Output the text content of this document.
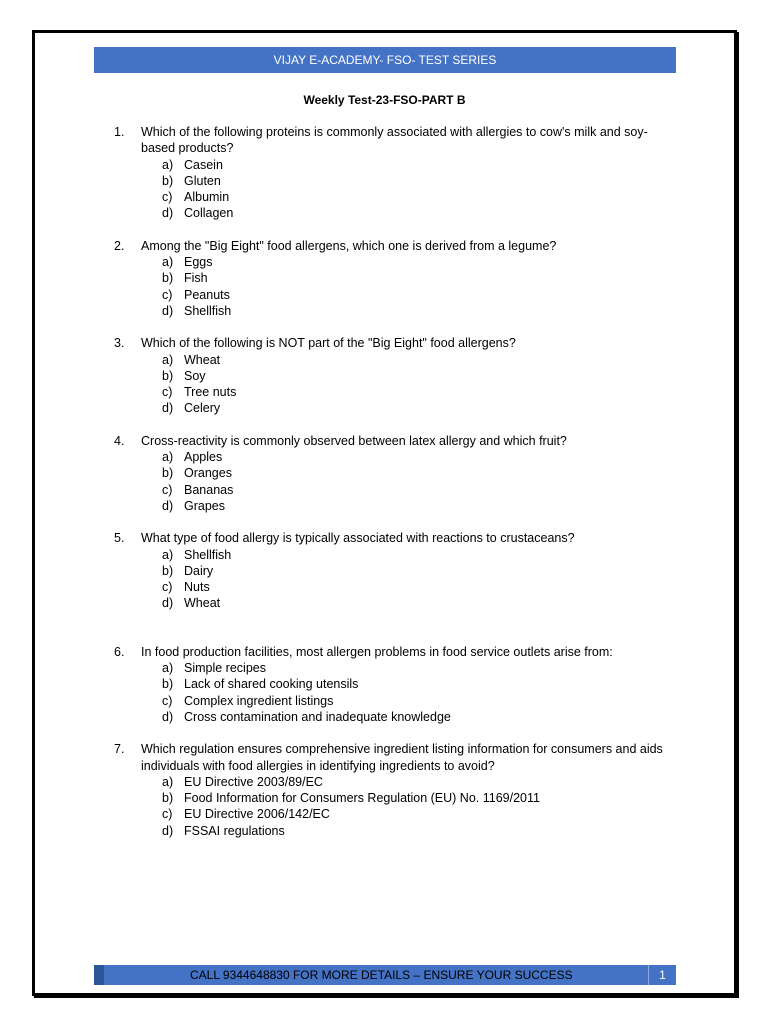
VIJAY E-ACADEMY- FSO- TEST SERIES
Weekly Test-23-FSO-PART B
1.	Which of the following proteins is commonly associated with allergies to cow's milk and soy-based products?
a) Casein
b) Gluten
c) Albumin
d) Collagen
2.	Among the "Big Eight" food allergens, which one is derived from a legume?
a) Eggs
b) Fish
c) Peanuts
d) Shellfish
3.	Which of the following is NOT part of the "Big Eight" food allergens?
a) Wheat
b) Soy
c) Tree nuts
d) Celery
4.	Cross-reactivity is commonly observed between latex allergy and which fruit?
a) Apples
b) Oranges
c) Bananas
d) Grapes
5.	What type of food allergy is typically associated with reactions to crustaceans?
a) Shellfish
b) Dairy
c) Nuts
d) Wheat
6.	In food production facilities, most allergen problems in food service outlets arise from:
a) Simple recipes
b) Lack of shared cooking utensils
c) Complex ingredient listings
d) Cross contamination and inadequate knowledge
7.	Which regulation ensures comprehensive ingredient listing information for consumers and aids individuals with food allergies in identifying ingredients to avoid?
a) EU Directive 2003/89/EC
b) Food Information for Consumers Regulation (EU) No. 1169/2011
c) EU Directive 2006/142/EC
d) FSSAI regulations
CALL 9344648830 FOR MORE DETAILS – ENSURE YOUR SUCCESS	1
